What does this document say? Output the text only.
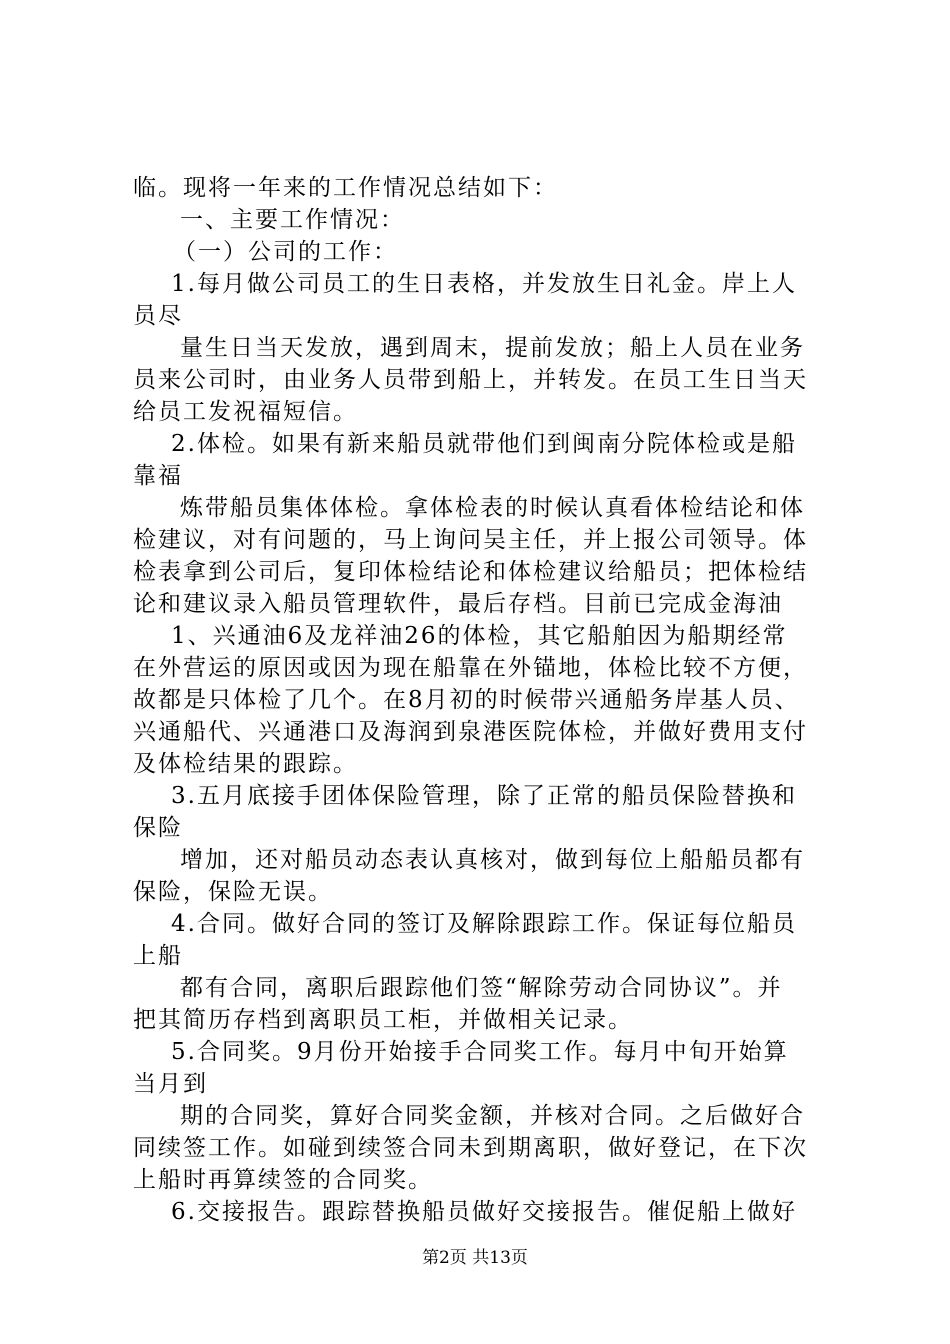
临。现将一年来的工作情况总结如下：
一、主要工作情况：
（一）公司的工作：
1.每月做公司员工的生日表格，并发放生日礼金。岸上人
员尽
量生日当天发放，遇到周末，提前发放；船上人员在业务
员来公司时，由业务人员带到船上，并转发。在员工生日当天
给员工发祝福短信。
2.体检。如果有新来船员就带他们到闽南分院体检或是船
靠福
炼带船员集体体检。拿体检表的时候认真看体检结论和体
检建议，对有问题的，马上询问吴主任，并上报公司领导。体
检表拿到公司后，复印体检结论和体检建议给船员；把体检结
论和建议录入船员管理软件，最后存档。目前已完成金海油
1、兴通油6及龙祥油26的体检，其它船舶因为船期经常
在外营运的原因或因为现在船靠在外锚地，体检比较不方便，
故都是只体检了几个。在8月初的时候带兴通船务岸基人员、
兴通船代、兴通港口及海润到泉港医院体检，并做好费用支付
及体检结果的跟踪。
3.五月底接手团体保险管理，除了正常的船员保险替换和
保险
增加，还对船员动态表认真核对，做到每位上船船员都有
保险，保险无误。
4.合同。做好合同的签订及解除跟踪工作。保证每位船员
上船
都有合同，离职后跟踪他们签“解除劳动合同协议”。并
把其简历存档到离职员工柜，并做相关记录。
5.合同奖。9月份开始接手合同奖工作。每月中旬开始算
当月到
期的合同奖，算好合同奖金额，并核对合同。之后做好合
同续签工作。如碰到续签合同未到期离职，做好登记，在下次
上船时再算续签的合同奖。
6.交接报告。跟踪替换船员做好交接报告。催促船上做好
第2页 共13页
